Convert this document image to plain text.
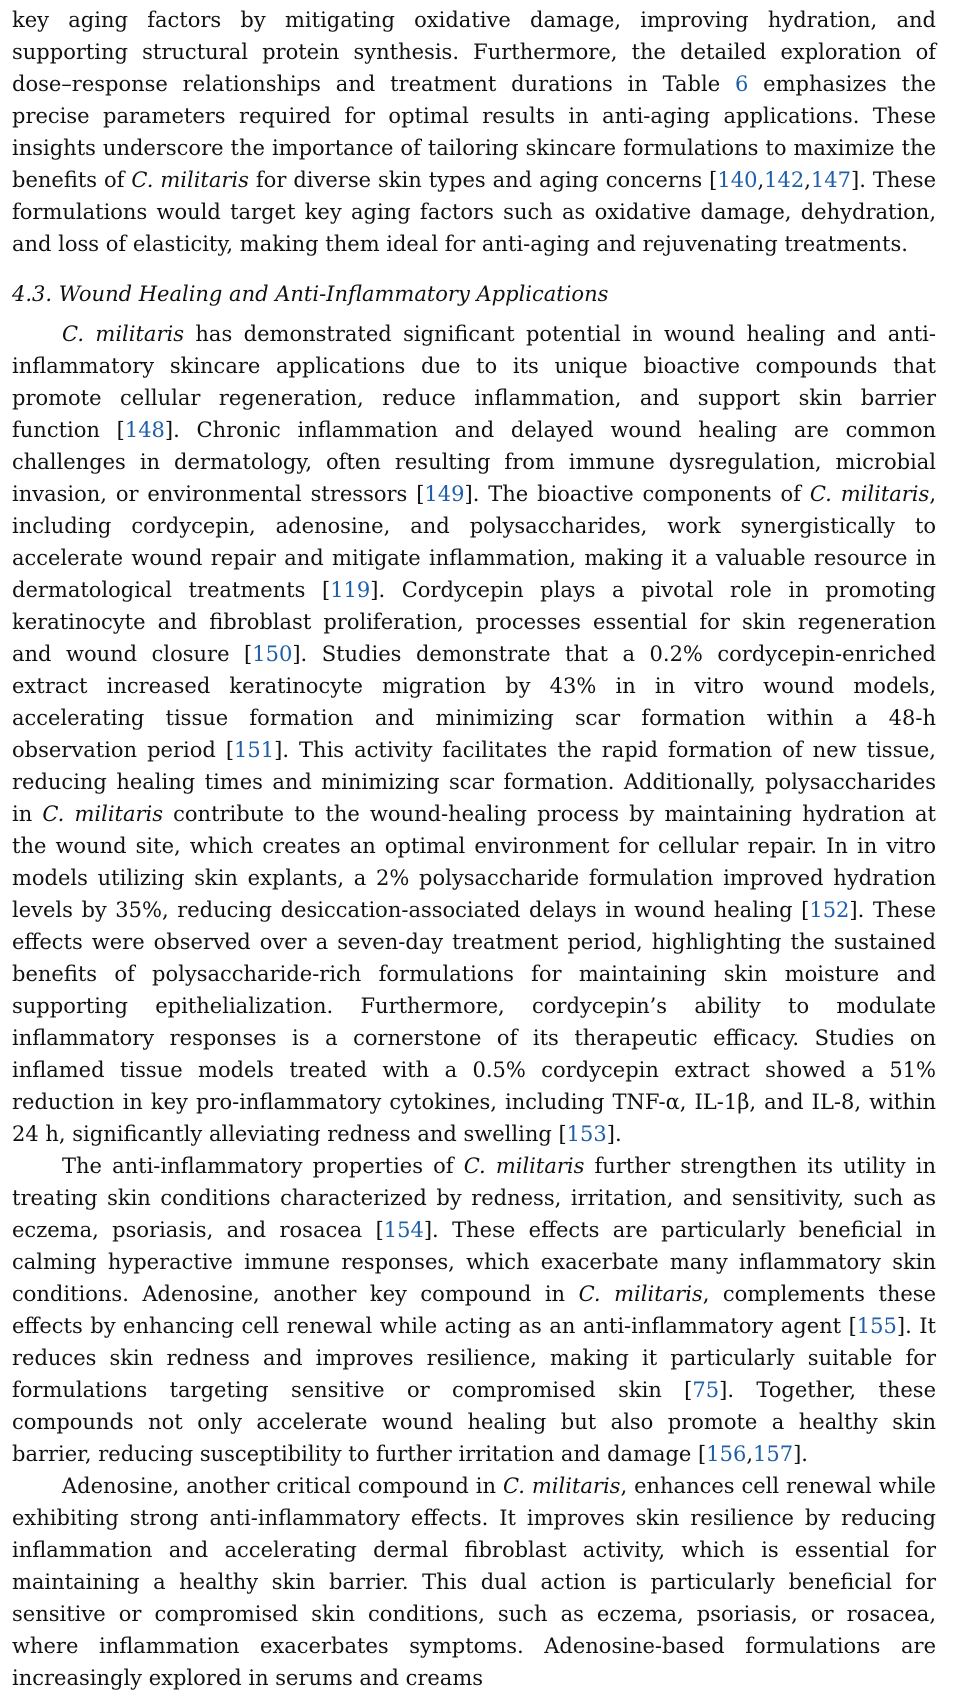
key aging factors by mitigating oxidative damage, improving hydration, and supporting structural protein synthesis. Furthermore, the detailed exploration of dose–response relationships and treatment durations in Table 6 emphasizes the precise parameters required for optimal results in anti-aging applications. These insights underscore the importance of tailoring skincare formulations to maximize the benefits of C. militaris for diverse skin types and aging concerns [140,142,147]. These formulations would target key aging factors such as oxidative damage, dehydration, and loss of elasticity, making them ideal for anti-aging and rejuvenating treatments.

4.3. Wound Healing and Anti-Inflammatory Applications

C. militaris has demonstrated significant potential in wound healing and anti-inflammatory skincare applications due to its unique bioactive compounds that promote cellular regeneration, reduce inflammation, and support skin barrier function [148]. Chronic inflammation and delayed wound healing are common challenges in dermatology, often resulting from immune dysregulation, microbial invasion, or environmental stressors [149]. The bioactive components of C. militaris, including cordycepin, adenosine, and polysaccharides, work synergistically to accelerate wound repair and mitigate inflammation, making it a valuable resource in dermatological treatments [119]. Cordycepin plays a pivotal role in promoting keratinocyte and fibroblast proliferation, processes essential for skin regeneration and wound closure [150]. Studies demonstrate that a 0.2% cordycepin-enriched extract increased keratinocyte migration by 43% in in vitro wound models, accelerating tissue formation and minimizing scar formation within a 48-h observation period [151]. This activity facilitates the rapid formation of new tissue, reducing healing times and minimizing scar formation. Additionally, polysaccharides in C. militaris contribute to the wound-healing process by maintaining hydration at the wound site, which creates an optimal environment for cellular repair. In in vitro models utilizing skin explants, a 2% polysaccharide formulation improved hydration levels by 35%, reducing desiccation-associated delays in wound healing [152]. These effects were observed over a seven-day treatment period, highlighting the sustained benefits of polysaccharide-rich formulations for maintaining skin moisture and supporting epithelialization. Furthermore, cordycepin’s ability to modulate inflammatory responses is a cornerstone of its therapeutic efficacy. Studies on inflamed tissue models treated with a 0.5% cordycepin extract showed a 51% reduction in key pro-inflammatory cytokines, including TNF-α, IL-1β, and IL-8, within 24 h, significantly alleviating redness and swelling [153].

The anti-inflammatory properties of C. militaris further strengthen its utility in treating skin conditions characterized by redness, irritation, and sensitivity, such as eczema, psoriasis, and rosacea [154]. These effects are particularly beneficial in calming hyperactive immune responses, which exacerbate many inflammatory skin conditions. Adenosine, another key compound in C. militaris, complements these effects by enhancing cell renewal while acting as an anti-inflammatory agent [155]. It reduces skin redness and improves resilience, making it particularly suitable for formulations targeting sensitive or compromised skin [75]. Together, these compounds not only accelerate wound healing but also promote a healthy skin barrier, reducing susceptibility to further irritation and damage [156,157].

Adenosine, another critical compound in C. militaris, enhances cell renewal while exhibiting strong anti-inflammatory effects. It improves skin resilience by reducing inflammation and accelerating dermal fibroblast activity, which is essential for maintaining a healthy skin barrier. This dual action is particularly beneficial for sensitive or compromised skin conditions, such as eczema, psoriasis, or rosacea, where inflammation exacerbates symptoms. Adenosine-based formulations are increasingly explored in serums and creams
